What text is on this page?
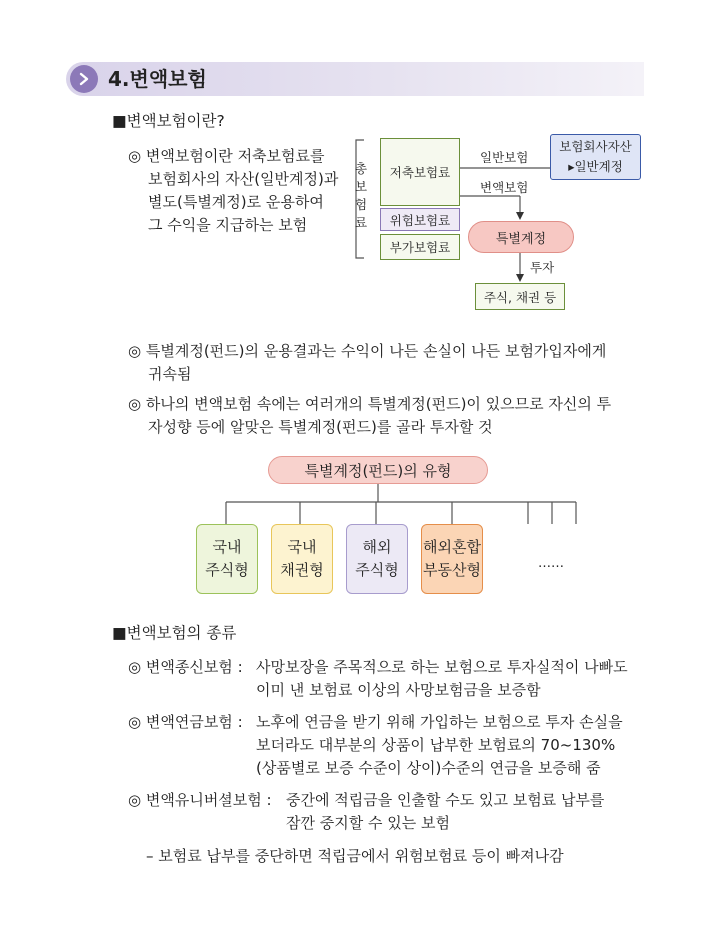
4.변액보험
■변액보험이란?
◎ 변액보험이란 저축보험료를
보험회사의 자산(일반계정)과
별도(특별계정)로 운용하여
그 수익을 지급하는 보험
총보험료
저축보험료
위험보험료
부가보험료
일반보험
변액보험
보험회사자산
▸일반계정
특별계정
투자
주식, 채권 등
◎ 특별계정(펀드)의 운용결과는 수익이 나든 손실이 나든 보험가입자에게
귀속됨
◎ 하나의 변액보험 속에는 여러개의 특별계정(펀드)이 있으므로 자신의 투
자성향 등에 알맞은 특별계정(펀드)를 골라 투자할 것
특별계정(펀드)의 유형
국내
주식형
국내
채권형
해외
주식형
해외혼합
부동산형	……
■변액보험의 종류
◎ 변액종신보험 : 사망보장을 주목적으로 하는 보험으로 투자실적이 나빠도
이미 낸 보험료 이상의 사망보험금을 보증함
◎ 변액연금보험 : 노후에 연금을 받기 위해 가입하는 보험으로 투자 손실을
보더라도 대부분의 상품이 납부한 보험료의 70~130%
(상품별로 보증 수준이 상이)수준의 연금을 보증해 줌
◎ 변액유니버셜보험 : 중간에 적립금을 인출할 수도 있고 보험료 납부를
잠깐 중지할 수 있는 보험
– 보험료 납부를 중단하면 적립금에서 위험보험료 등이 빠져나감
